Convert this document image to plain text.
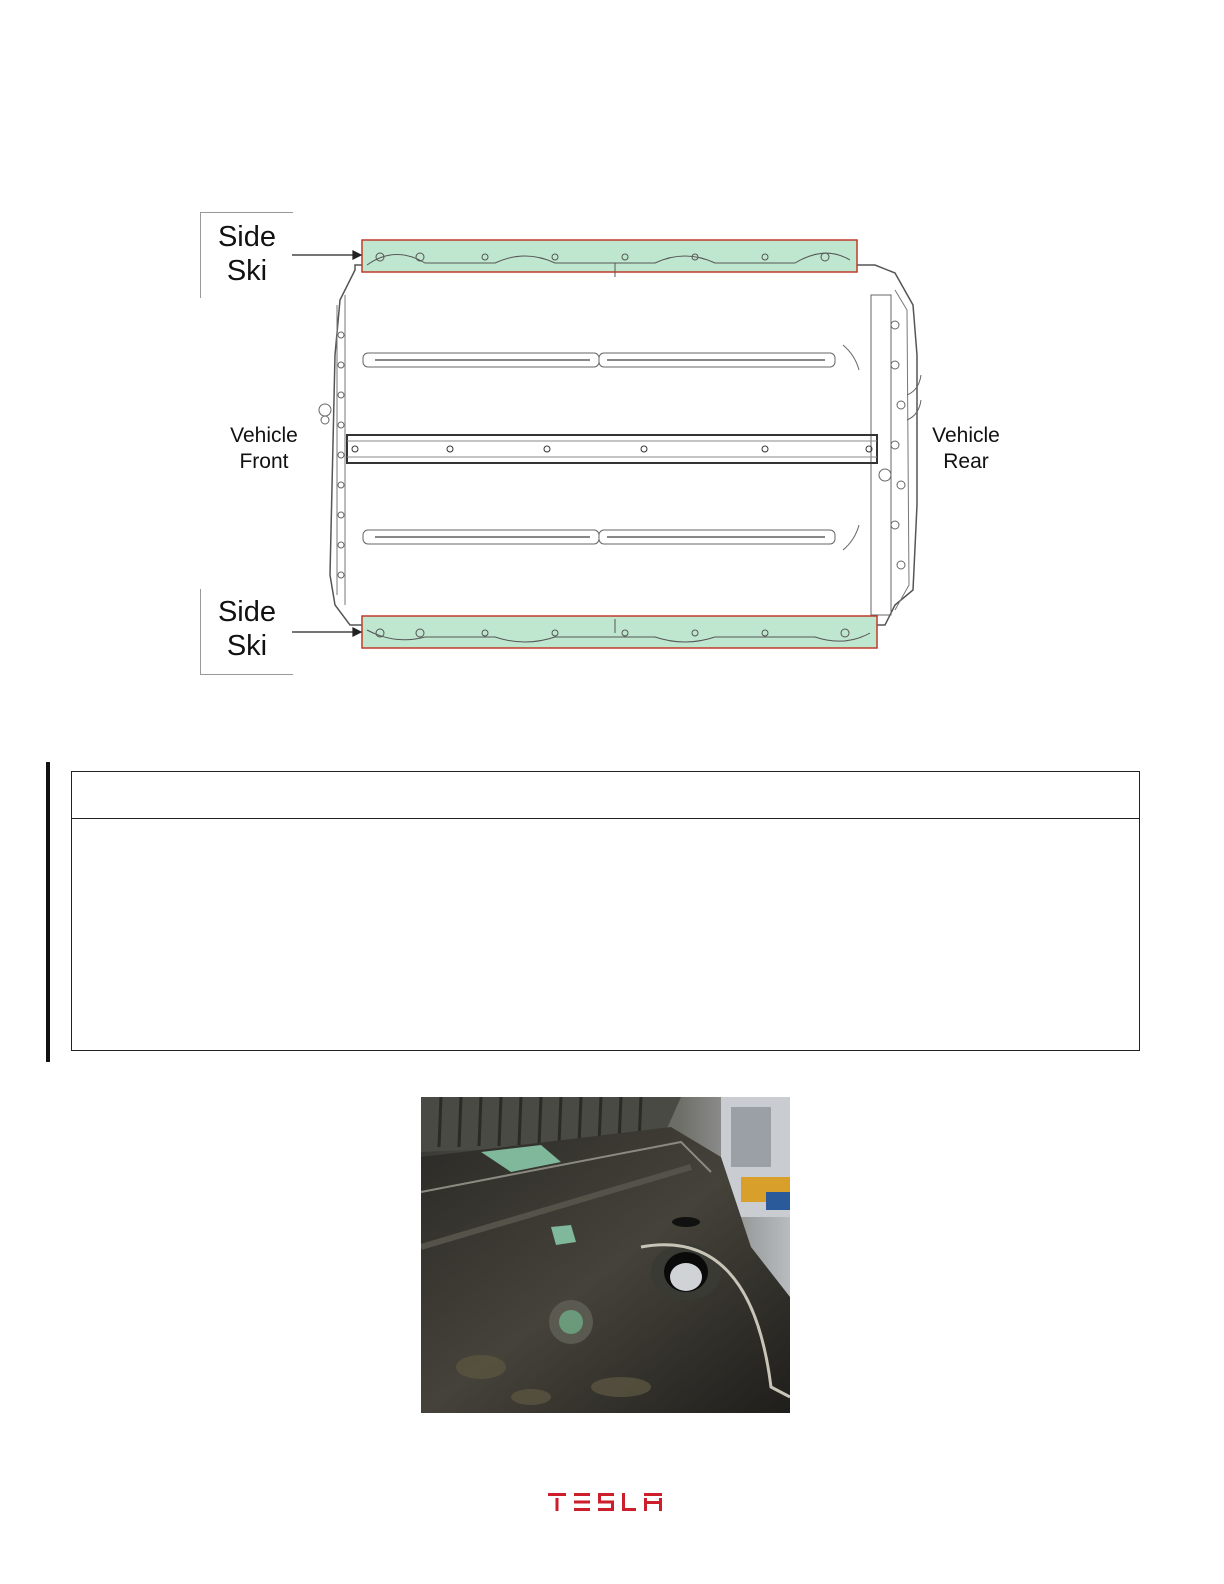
Side
Ski
Side
Ski
Vehicle
Front
Vehicle
Rear
